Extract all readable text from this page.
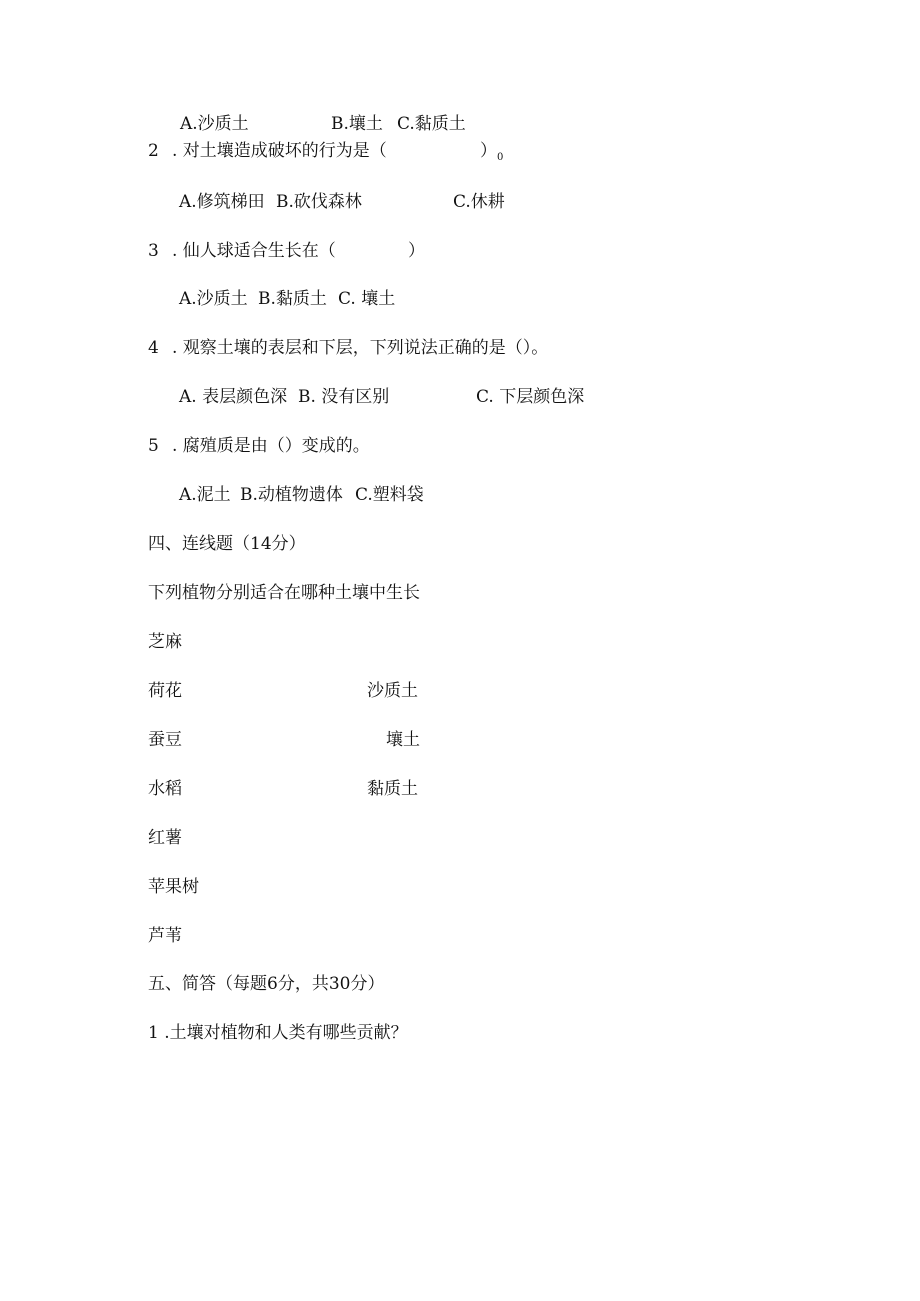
A.沙质土	B.壤土 C.黏质土
2 . 对土壤造成破坏的行为是（	）$_0$
A.修筑梯田 B.砍伐森林	C.休耕
3 . 仙人球适合生长在（	）
A.沙质土 B.黏质土 C. 壤土
4 . 观察土壤的表层和下层，下列说法正确的是（）。
A. 表层颜色深 B. 没有区别	C. 下层颜色深
5 . 腐殖质是由（）变成的。
A.泥土 B.动植物遗体 C.塑料袋
四、连线题（14分）
下列植物分别适合在哪种土壤中生长
芝麻
荷花
蚕豆
水稻
红薯
苹果树
芦苇
沙质土
壤土
黏质土
五、简答（每题6分，共30分）
1 .土壤对植物和人类有哪些贡献？
